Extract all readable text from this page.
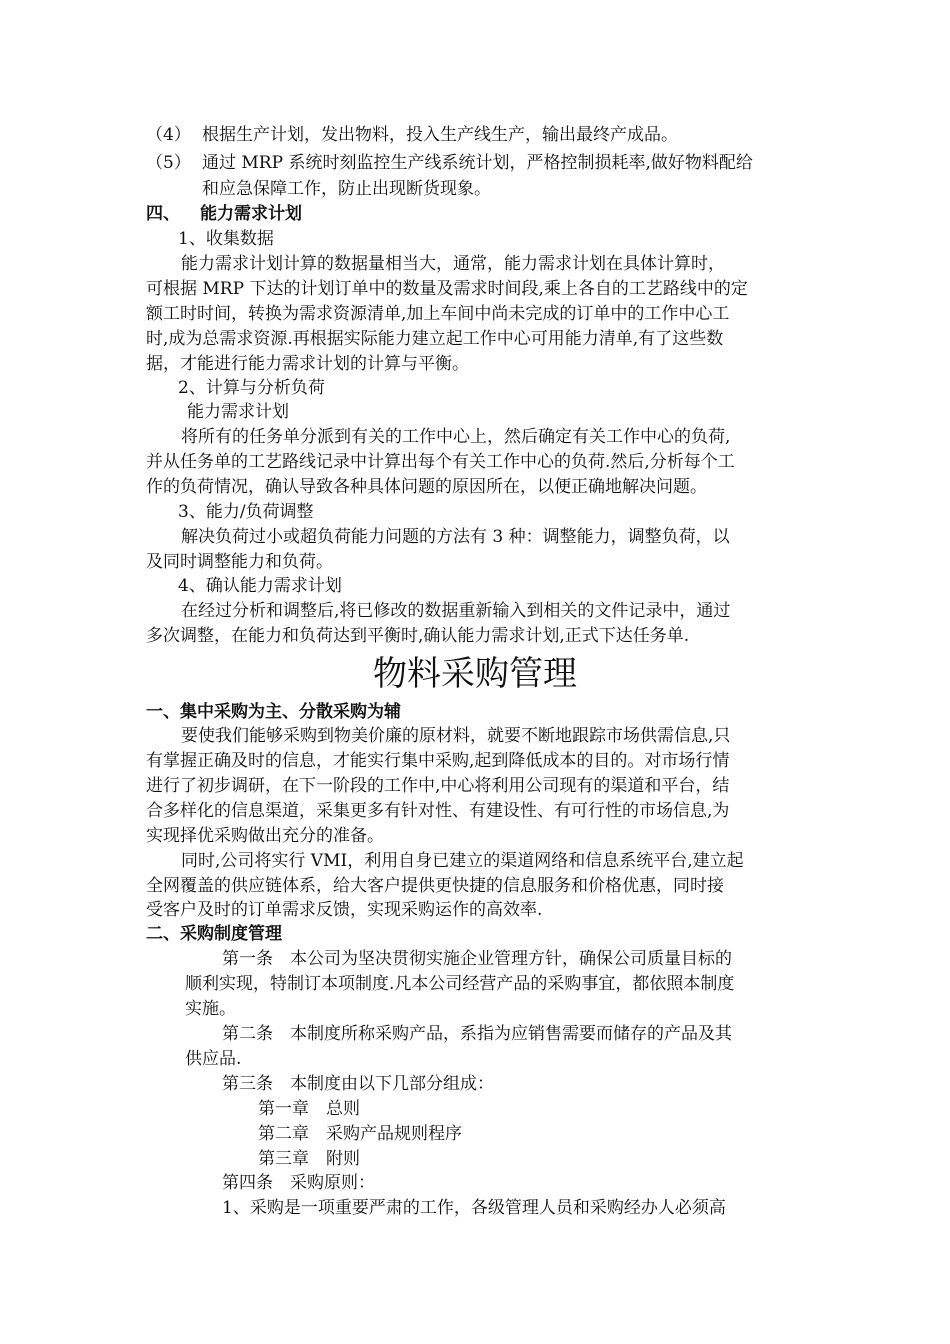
（4） 根据生产计划，发出物料，投入生产线生产，输出最终产成品。
（5） 通过 MRP 系统时刻监控生产线系统计划，严格控制损耗率,做好物料配给
和应急保障工作，防止出现断货现象。
四、 能力需求计划
1、收集数据
能力需求计划计算的数据量相当大，通常，能力需求计划在具体计算时，
可根据 MRP 下达的计划订单中的数量及需求时间段,乘上各自的工艺路线中的定
额工时时间，转换为需求资源清单,加上车间中尚未完成的订单中的工作中心工
时,成为总需求资源.再根据实际能力建立起工作中心可用能力清单,有了这些数
据，才能进行能力需求计划的计算与平衡。
2、计算与分析负荷
能力需求计划
将所有的任务单分派到有关的工作中心上，然后确定有关工作中心的负荷,
并从任务单的工艺路线记录中计算出每个有关工作中心的负荷.然后,分析每个工
作的负荷情况，确认导致各种具体问题的原因所在，以便正确地解决问题。
3、能力/负荷调整
解决负荷过小或超负荷能力问题的方法有 3 种：调整能力，调整负荷，以
及同时调整能力和负荷。
4、确认能力需求计划
在经过分析和调整后,将已修改的数据重新输入到相关的文件记录中，通过
多次调整，在能力和负荷达到平衡时,确认能力需求计划,正式下达任务单.
物料采购管理
一、集中采购为主、分散采购为辅
要使我们能够采购到物美价廉的原材料，就要不断地跟踪市场供需信息,只
有掌握正确及时的信息，才能实行集中采购,起到降低成本的目的。对市场行情
进行了初步调研，在下一阶段的工作中,中心将利用公司现有的渠道和平台，结
合多样化的信息渠道，采集更多有针对性、有建设性、有可行性的市场信息,为
实现择优采购做出充分的准备。
同时,公司将实行 VMI，利用自身已建立的渠道网络和信息系统平台,建立起
全网覆盖的供应链体系，给大客户提供更快捷的信息服务和价格优惠，同时接
受客户及时的订单需求反馈，实现采购运作的高效率.
二、采购制度管理
第一条　本公司为坚决贯彻实施企业管理方针，确保公司质量目标的
顺利实现，特制订本项制度.凡本公司经营产品的采购事宜，都依照本制度
实施。
第二条　本制度所称采购产品，系指为应销售需要而储存的产品及其
供应品.
第三条　本制度由以下几部分组成：
第一章　总则
第二章　采购产品规则程序
第三章　附则
第四条　采购原则：
1、采购是一项重要严肃的工作，各级管理人员和采购经办人必须高
